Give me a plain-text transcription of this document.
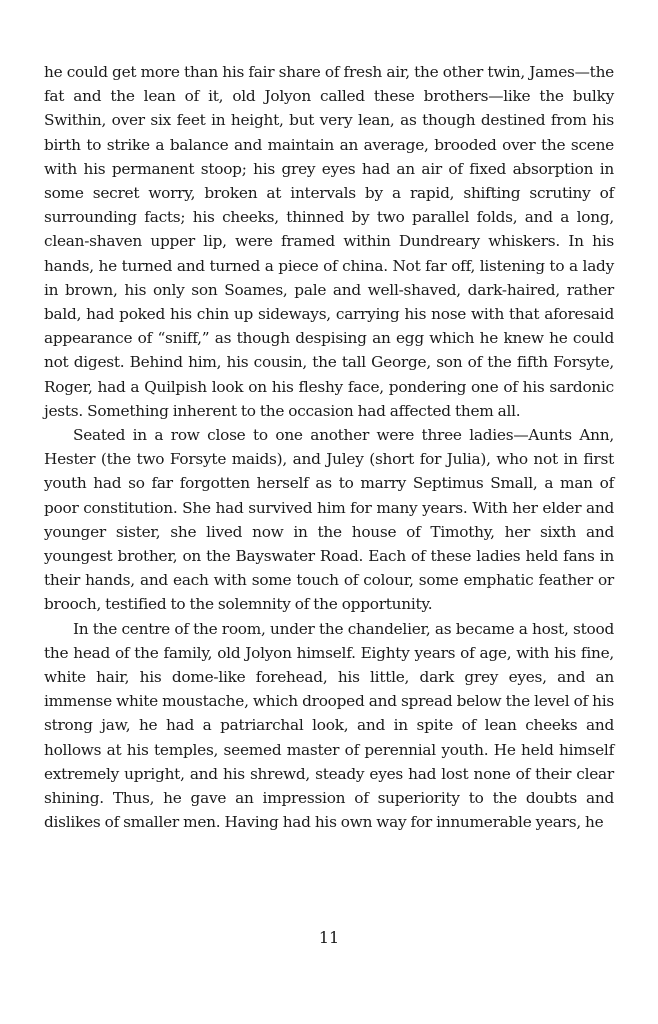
he could get more than his fair share of fresh air, the other twin, James—the fat and the lean of it, old Jolyon called these brothers—like the bulky Swithin, over six feet in height, but very lean, as though destined from his birth to strike a balance and maintain an average, brooded over the scene with his permanent stoop; his grey eyes had an air of fixed absorption in some secret worry, broken at intervals by a rapid, shifting scrutiny of surrounding facts; his cheeks, thinned by two parallel folds, and a long, clean-shaven upper lip, were framed within Dundreary whiskers. In his hands, he turned and turned a piece of china. Not far off, listening to a lady in brown, his only son Soames, pale and well-shaved, dark-haired, rather bald, had poked his chin up sideways, carrying his nose with that aforesaid appearance of “sniff,” as though despising an egg which he knew he could not digest. Behind him, his cousin, the tall George, son of the fifth Forsyte, Roger, had a Quilpish look on his fleshy face, pondering one of his sardonic jests. Something inherent to the occasion had affected them all.

Seated in a row close to one another were three ladies—Aunts Ann, Hester (the two Forsyte maids), and Juley (short for Julia), who not in first youth had so far forgotten herself as to marry Septimus Small, a man of poor constitution. She had survived him for many years. With her elder and younger sister, she lived now in the house of Timothy, her sixth and youngest brother, on the Bayswater Road. Each of these ladies held fans in their hands, and each with some touch of colour, some emphatic feather or brooch, testified to the solemnity of the opportunity.

In the centre of the room, under the chandelier, as became a host, stood the head of the family, old Jolyon himself. Eighty years of age, with his fine, white hair, his dome-like forehead, his little, dark grey eyes, and an immense white moustache, which drooped and spread below the level of his strong jaw, he had a patriarchal look, and in spite of lean cheeks and hollows at his temples, seemed master of perennial youth. He held himself extremely upright, and his shrewd, steady eyes had lost none of their clear shining. Thus, he gave an impression of superiority to the doubts and dislikes of smaller men. Having had his own way for innumerable years, he

11
